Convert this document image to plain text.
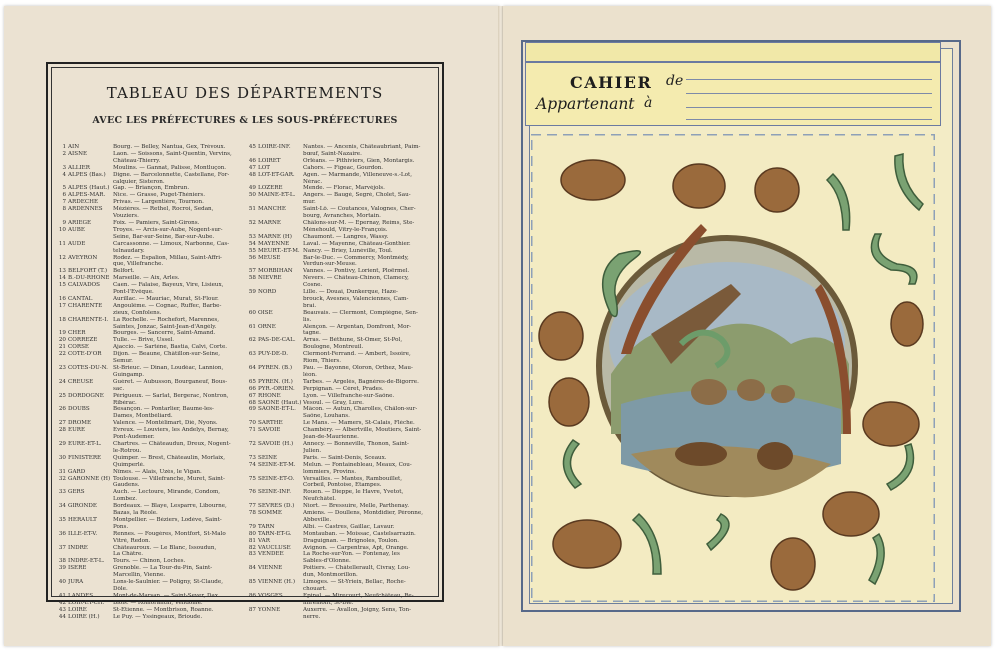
TABLEAU DES DÉPARTEMENTS
AVEC LES PRÉFECTURES & LES SOUS-PRÉFECTURES
1 AIN	Bourg. — Belley, Nantua, Gex, Trévoux.
2 AISNE	Laon. — Soissons, Saint-Quentin, Vervins,
Château-Thierry.
3 ALLIER	Moulins. — Gannat, Palisse, Montluçon.
4 ALPES (Bas.)	Digne. — Barcelonnette, Castellane, For-
calquier, Sisteron.
5 ALPES (Haut.) Gap. — Briançon, Embrun.
6 ALPES-MAR.	Nice. — Grasse, Puget-Théniers.
7 ARDÈCHE	Privas. — Largentière, Tournon.
8 ARDENNES	Mézières. — Rethel, Rocroi, Sedan,
Vouziers.
9 ARIÈGE	Foix. — Pamiers, Saint-Girons.
10 AUBE	Troyes. — Arcis-sur-Aube, Nogent-sur-
Seine, Bar-sur-Seine, Bar-sur-Aube.
11 AUDE	Carcassonne. — Limoux, Narbonne, Cas-
telnaudary.
12 AVEYRON	Rodez. — Espalion, Millau, Saint-Affri-
que, Villefranche.
13 BELFORT (T.)	Belfort.
14 B.-DU-RHÔNE Marseille. — Aix, Arles.
15 CALVADOS	Caen. — Falaise, Bayeux, Vire, Lisieux,
Pont-l'Évêque.
16 CANTAL	Aurillac. — Mauriac, Murat, St-Flour.
17 CHARENTE	Angoulême. — Cognac, Ruffec, Barbe-
zieux, Confolens.
18 CHARENTE-I. La Rochelle. — Rochefort, Marennes,
Saintes, Jonzac, Saint-Jean-d'Angély.
19 CHER	Bourges. — Sancerre, Saint-Amand.
20 CORRÈZE	Tulle. — Brive, Ussel.
21 CORSE	Ajaccio. — Sartène, Bastia, Calvi, Corte.
22 CÔTE-D'OR	Dijon. — Beaune, Châtillon-sur-Seine,
Semur.
23 CÔTES-DU-N. St-Brieuc. — Dinan, Loudéac, Lannion,
Guingamp.
24 CREUSE	Guéret. — Aubusson, Bourganeuf, Bous-
sac.
25 DORDOGNE	Périgueux. — Sarlat, Bergerac, Nontron,
Ribérac.
26 DOUBS	Besançon. — Pontarlier, Baume-les-
Dames, Montbéliard.
27 DRÔME	Valence. — Montélimart, Dié, Nyons.
28 EURE	Évreux. — Louviers, les Andelys, Bernay,
Pont-Audemer.
29 EURE-ET-L.	Chartres. — Châteaudun, Dreux, Nogent-
le-Rotrou.
30 FINISTÈRE	Quimper. — Brest, Châteaulin, Morlaix,
Quimperlé.
31 GARD	Nîmes. — Alais, Uzès, le Vigan.
32 GARONNE (H) Toulouse. — Villefranche, Muret, Saint-
Gaudens.
33 GERS	Auch. — Lectoure, Mirande, Condom,
Lombez.
34 GIRONDE	Bordeaux. — Blaye, Lesparre, Libourne,
Bazas, la Réole.
35 HÉRAULT	Montpellier. — Béziers, Lodève, Saint-
Pons.
36 ILLE-ET-V.	Rennes. — Fougères, Montfort, St-Malo
Vitré, Redon.
37 INDRE	Châteauroux. — Le Blanc, Issoudun,
La Châtre.
38 INDRE-ET-L.	Tours. — Chinon, Loches.
39 ISÈRE	Grenoble. — La Tour-du-Pin, Saint-
Marcellin, Vienne.
40 JURA	Lons-le-Saulnier. — Poligny, St-Claude,
Dôle.
41 LANDES	Mont-de-Marsan. — Saint-Sever, Dax.
42 LOIR-ET-CH.	Blois. — Romorantin, Vendôme.
43 LOIRE	St-Étienne. — Montbrison, Roanne.
44 LOIRE (H.)	Le Puy. — Yssingeaux, Brioude.
45 LOIRE-INF.	Nantes. — Ancenis, Châteaubriant, Paim-
bœuf, Saint-Nazaire.
46 LOIRET	Orléans. — Pithiviers, Gien, Montargis.
47 LOT	Cahors. — Figeac, Gourdon.
48 LOT-ET-GAR.	Agen. — Marmande, Villeneuve-s.-Lot,
Nérac.
49 LOZÈRE	Mende. — Florac, Marvéjols.
50 MAINE-ET-L.	Angers. — Baugé, Segré, Cholet, Sau-
mur.
51 MANCHE	Saint-Lô. — Coutances, Valognes, Cher-
bourg, Avranches, Mortain.
52 MARNE	Châlons-sur-M. — Épernay, Reims, Ste-
Ménehould, Vitry-le-François.
53 MARNE (H)	Chaumont. — Langres, Wassy.
54 MAYENNE	Laval. — Mayenne, Château-Gonthier.
55 MEURT.-ET-M. Nancy. — Briey, Lunéville, Toul.
56 MEUSE	Bar-le-Duc. — Commercy, Montmédy,
Verdun-sur-Meuse.
57 MORBIHAN	Vannes. — Pontivy, Lorient, Ploërmel.
58 NIÈVRE	Nevers. — Château-Chinon, Clamecy,
Cosne.
59 NORD	Lille. — Douai, Dunkerque, Haze-
brouck, Avesnes, Valenciennes, Cam-
brai.
60 OISE	Beauvais. — Clermont, Compiègne, Sen-
lis.
61 ORNE	Alençon. — Argentan, Domfront, Mor-
tagne.
62 PAS-DE-CAL.	Arras. — Béthune, St-Omer, St-Pol,
Boulogne, Montreuil.
63 PUY-DE-D.	Clermont-Ferrand. — Ambert, Issoire,
Riom, Thiers.
64 PYREN. (B.)	Pau. — Bayonne, Oloron, Orthez, Mau-
léon.
65 PYREN. (H.)	Tarbes. — Argelès, Bagnères-de-Bigorre.
66 PYR.-ORIEN.	Perpignan. — Céret, Prades.
67 RHÔNE	Lyon. — Villefranche-sur-Saône.
68 SAÔNE (Haut.) Vesoul. — Gray, Lure.
69 SAÔNE-ET-L.	Mâcon. — Autun, Charolles, Châlon-sur-
Saône, Louhans.
70 SARTHE	Le Mans. — Mamers, St-Calais, Flèche.
71 SAVOIE	Chambéry. — Albertville, Moutiers, Saint-
Jean-de-Maurienne.
72 SAVOIE (H.)	Annecy. — Bonneville, Thonon, Saint-
Julien.
73 SEINE	Paris. — Saint-Denis, Sceaux.
74 SEINE-ET-M.	Melun. — Fontainebleau, Meaux, Cou-
lommiers, Provins.
75 SEINE-ET-O.	Versailles. — Mantes, Rambouillet,
Corbeil, Pontoise, Étampes.
76 SEINE-INF.	Rouen. — Dieppe, le Havre, Yvetot,
Neufchâtel.
77 SÈVRES (D.)	Niort. — Bressuire, Melle, Parthenay.
78 SOMME	Amiens. — Doullens, Montdidier, Péronne,
Abbeville.
79 TARN	Albi. — Castres, Gaillac, Lavaur.
80 TARN-ET-G.	Montauban. — Moissac, Castelsarrazin.
81 VAR	Draguignan. — Brignoles, Toulon.
82 VAUCLUSE	Avignon. — Carpentras, Apt, Orange.
83 VENDÉE	La Roche-sur-Yon. — Fontenay, les
Sables-d'Olonne.
84 VIENNE	Poitiers. — Châtellerault, Civray, Lou-
dun, Montmorillon.
85 VIENNE (H.)	Limoges. — St-Yrieix, Bellac, Roche-
chouart.
86 VOSGES	Épinal. — Mirecourt, Neufchâteau, Re-
miremont, St-Dié.
87 YONNE	Auxerre. — Avallon, Joigny, Sens, Ton-
nerre.
CAHIER de
Appartenant à
